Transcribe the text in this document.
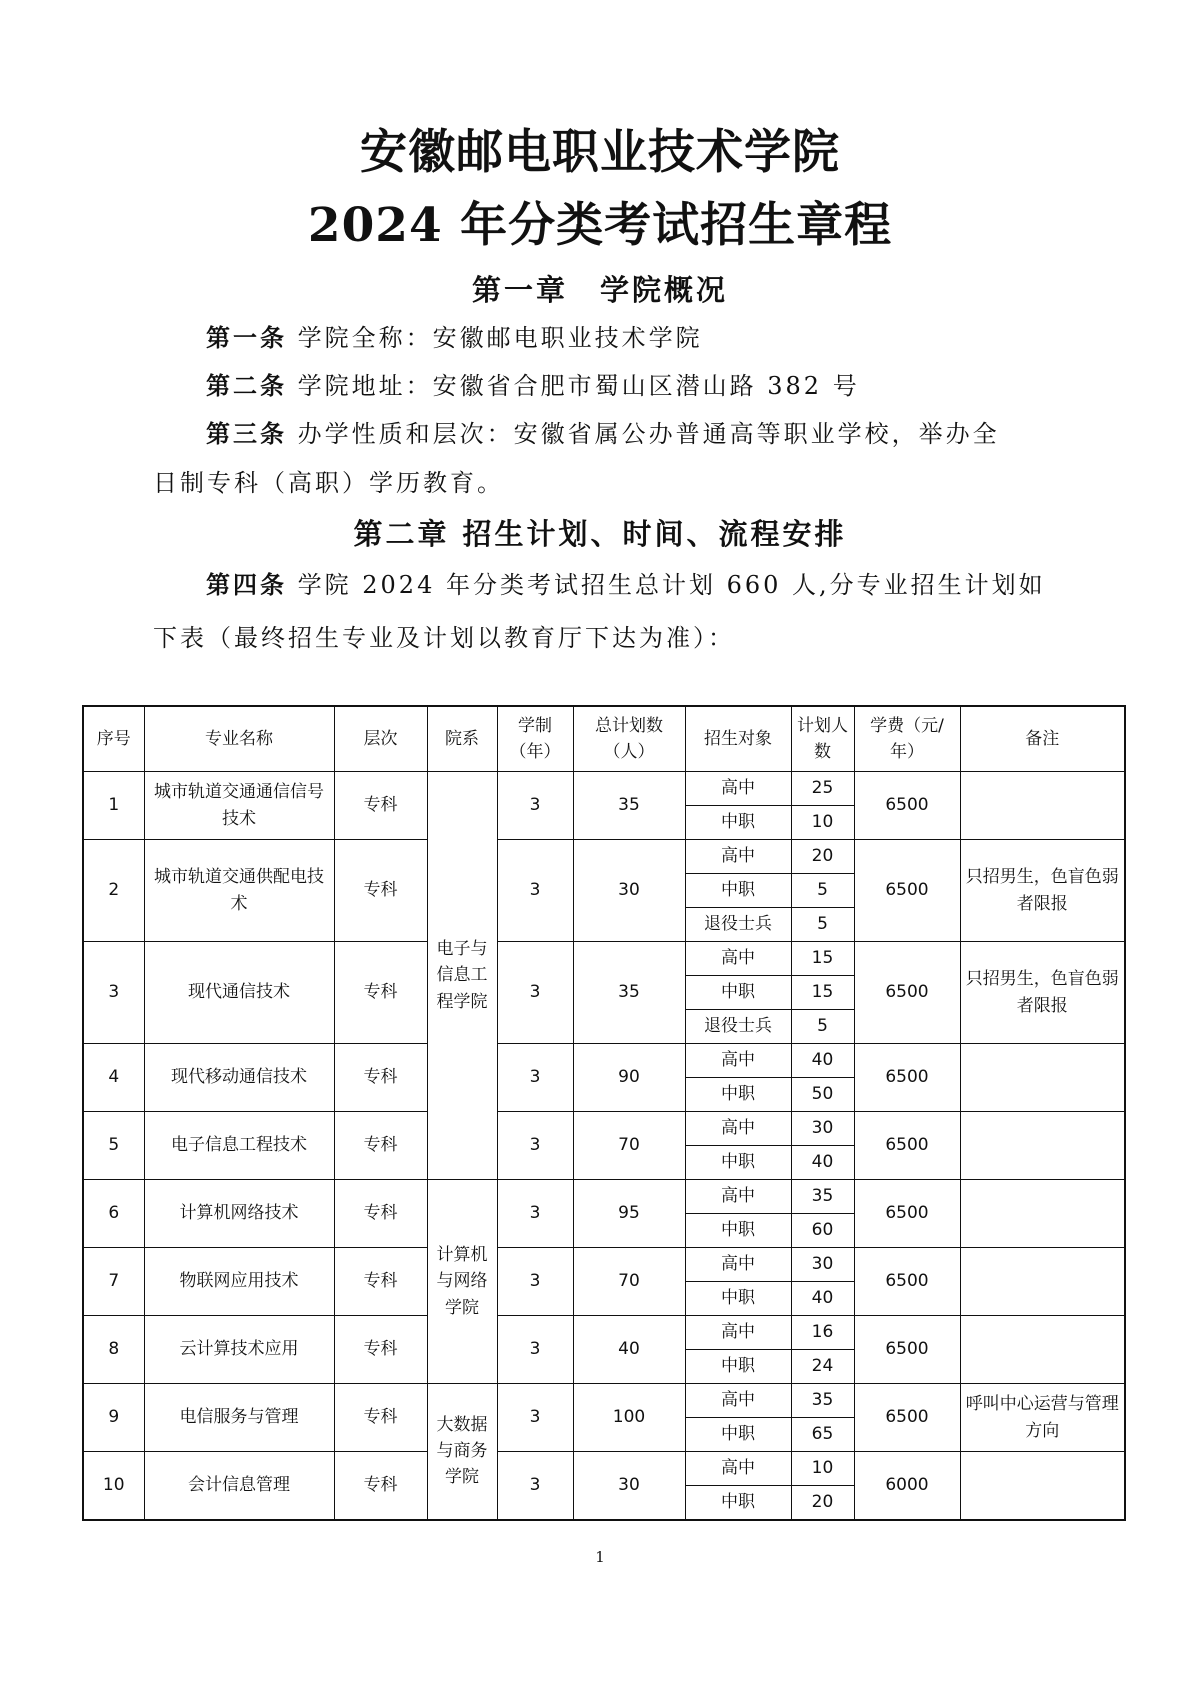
安徽邮电职业技术学院
2024 年分类考试招生章程
第一章　学院概况
第一条 学院全称：安徽邮电职业技术学院
第二条 学院地址：安徽省合肥市蜀山区潜山路 382 号
第三条 办学性质和层次：安徽省属公办普通高等职业学校，举办全
日制专科（高职）学历教育。
第二章 招生计划、时间、流程安排
第四条 学院 2024 年分类考试招生总计划 660 人,分专业招生计划如
下表（最终招生专业及计划以教育厅下达为准）：
序号	专业名称	层次	院系	学制（年）	总计划数（人）	招生对象	计划人数	学费（元/年）	备注
1	城市轨道交通通信信号技术	专科	电子与信息工程学院	3	35	高中	25	6500	
						中职	10		
2	城市轨道交通供配电技术	专科		3	30	高中	20	6500	只招男生，色盲色弱者限报
						中职	5		
						退役士兵	5		
3	现代通信技术	专科		3	35	高中	15	6500	只招男生，色盲色弱者限报
						中职	15		
						退役士兵	5		
4	现代移动通信技术	专科		3	90	高中	40	6500	
						中职	50		
5	电子信息工程技术	专科		3	70	高中	30	6500	
						中职	40		
6	计算机网络技术	专科	计算机与网络学院	3	95	高中	35	6500	
						中职	60		
7	物联网应用技术	专科		3	70	高中	30	6500	
						中职	40		
8	云计算技术应用	专科		3	40	高中	16	6500	
						中职	24		
9	电信服务与管理	专科	大数据与商务学院	3	100	高中	35	6500	呼叫中心运营与管理方向
						中职	65		
10	会计信息管理	专科		3	30	高中	10	6000	
						中职	20		
1
